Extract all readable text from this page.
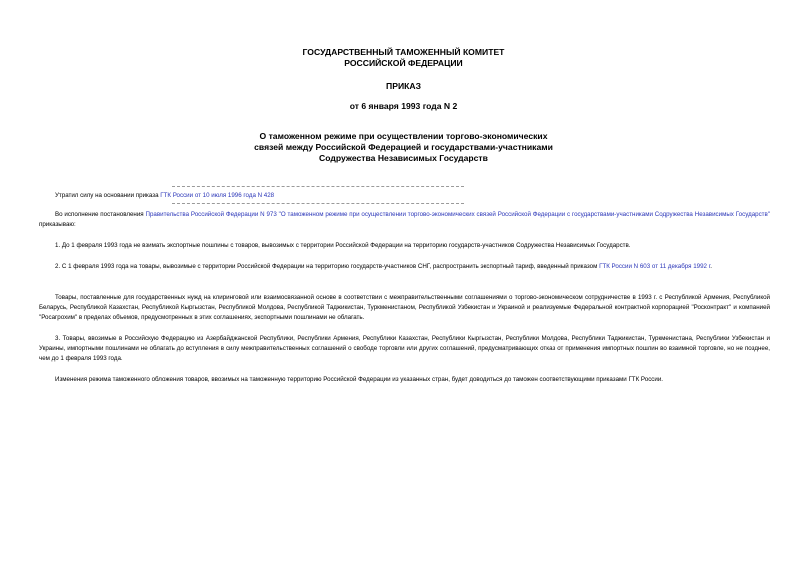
ГОСУДАРСТВЕННЫЙ ТАМОЖЕННЫЙ КОМИТЕТ
РОССИЙСКОЙ ФЕДЕРАЦИИ
ПРИКАЗ
от 6 января 1993 года N 2
О таможенном режиме при осуществлении торгово-экономических
связей между Российской Федерацией и государствами-участниками
Содружества Независимых Государств
Утратил силу на основании приказа ГТК России от 10 июля 1996 года N 428
Во исполнение постановления Правительства Российской Федерации N 973 "О таможенном режиме при осуществлении торгово-экономических связей Российской Федерации с государствами-участниками Содружества Независимых Государств" приказываю:
1. До 1 февраля 1993 года не взимать экспортные пошлины с товаров, вывозимых с территории Российской Федерации на территорию государств-участников Содружества Независимых Государств.
2. С 1 февраля 1993 года на товары, вывозимые с территории Российской Федерации на территорию государств-участников СНГ, распространить экспортный тариф, введенный приказом ГТК России N 603 от 11 декабря 1992 г.
Товары, поставленные для государственных нужд на клиринговой или взаимосвязанной основе в соответствии с межправительственными соглашениями о торгово-экономическом сотрудничестве в 1993 г. с Республикой Армения, Республикой Беларусь, Республикой Казахстан, Республикой Кыргызстан, Республикой Молдова, Республикой Таджикистан, Туркменистаном, Республикой Узбекистан и Украиной и реализуемые Федеральной контрактной корпорацией "Росконтракт" и компанией "Росагрохим" в пределах объемов, предусмотренных в этих соглашениях, экспортными пошлинами не облагать.
3. Товары, ввозимые в Российскую Федерацию из Азербайджанской Республики, Республики Армения, Республики Казахстан, Республики Кыргызстан, Республики Молдова, Республики Таджикистан, Туркменистана, Республики Узбекистан и Украины, импортными пошлинами не облагать до вступления в силу межправительственных соглашений о свободе торговли или других соглашений, предусматривающих отказ от применения импортных пошлин во взаимной торговле, но не позднее, чем до 1 февраля 1993 года.
Изменения режима таможенного обложения товаров, ввозимых на таможенную территорию Российской Федерации из указанных стран, будет доводиться до таможен соответствующими приказами ГТК России.
